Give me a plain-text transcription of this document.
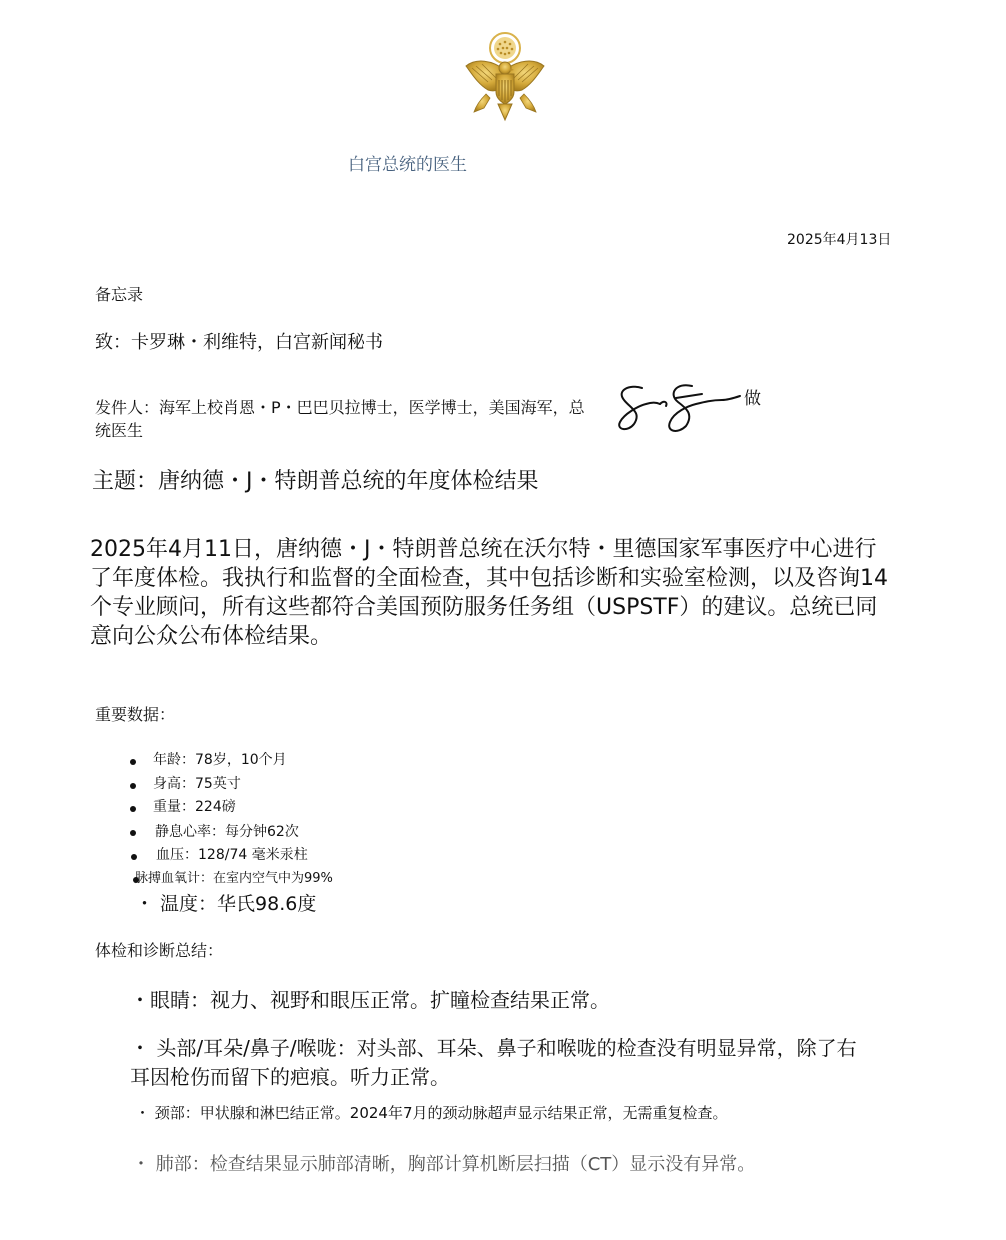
白宫总统的医生
2025年4月13日
备忘录
致：卡罗琳・利维特，白宫新闻秘书
发件人：海军上校肖恩・P・巴巴贝拉博士，医学博士，美国海军，总统医生
做
主题：唐纳德・J・特朗普总统的年度体检结果
2025年4月11日，唐纳德・J・特朗普总统在沃尔特・里德国家军事医疗中心进行了年度体检。我执行和监督的全面检查，其中包括诊断和实验室检测，以及咨询14个专业顾问，所有这些都符合美国预防服务任务组（USPSTF）的建议。总统已同意向公众公布体检结果。
重要数据：
年龄：78岁，10个月
身高：75英寸
重量：224磅
静息心率：每分钟62次
血压：128/74 毫米汞柱
脉搏血氧计：在室内空气中为99%
・ 温度：华氏98.6度
体检和诊断总结：
・眼睛：视力、视野和眼压正常。扩瞳检查结果正常。
・ 头部/耳朵/鼻子/喉咙：对头部、耳朵、鼻子和喉咙的检查没有明显异常，除了右耳因枪伤而留下的疤痕。听力正常。
・ 颈部：甲状腺和淋巴结正常。2024年7月的颈动脉超声显示结果正常，无需重复检查。
・ 肺部：检查结果显示肺部清晰，胸部计算机断层扫描（CT）显示没有异常。
